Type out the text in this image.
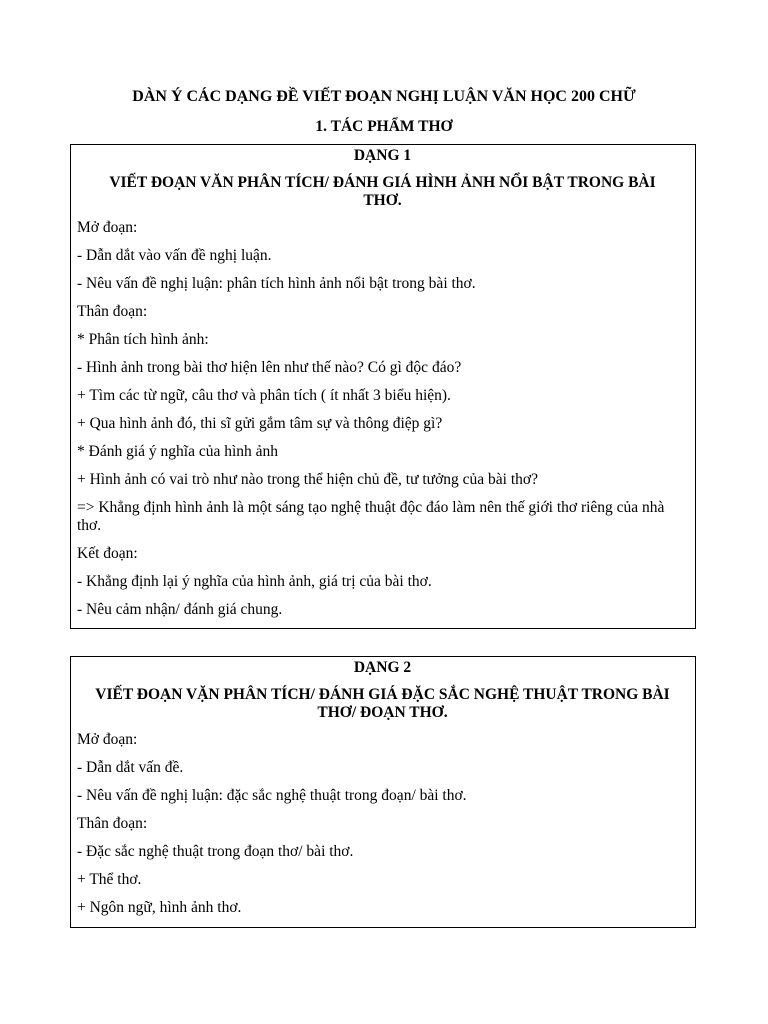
DÀN Ý CÁC DẠNG ĐỀ VIẾT ĐOẠN NGHỊ LUẬN VĂN HỌC 200 CHỮ
1. TÁC PHẨM THƠ
DẠNG 1
VIẾT ĐOẠN VĂN PHÂN TÍCH/ ĐÁNH GIÁ HÌNH ẢNH NỔI BẬT TRONG BÀI THƠ.
Mở đoạn:
- Dẫn dắt vào vấn đề nghị luận.
- Nêu vấn đề nghị luận: phân tích hình ảnh nổi bật trong bài thơ.
Thân đoạn:
* Phân tích hình ảnh:
- Hình ảnh trong bài thơ hiện lên như thế nào? Có gì độc đáo?
+ Tìm các từ ngữ, câu thơ và phân tích ( ít nhất 3 biểu hiện).
+ Qua hình ảnh đó, thi sĩ gửi gắm tâm sự và thông điệp gì?
* Đánh giá ý nghĩa của hình ảnh
+ Hình ảnh có vai trò như nào trong thể hiện chủ đề, tư tưởng của bài thơ?
=> Khẳng định hình ảnh là một sáng tạo nghệ thuật độc đáo làm nên thế giới thơ riêng của nhà thơ.
Kết đoạn:
- Khẳng định lại ý nghĩa của hình ảnh, giá trị của bài thơ.
- Nêu cảm nhận/ đánh giá chung.
DẠNG 2
VIẾT ĐOẠN VẶN PHÂN TÍCH/ ĐÁNH GIÁ ĐẶC SẮC NGHỆ THUẬT TRONG BÀI THƠ/ ĐOẠN THƠ.
Mở đoạn:
- Dẫn dắt vấn đề.
- Nêu vấn đề nghị luận: đặc sắc nghệ thuật trong đoạn/ bài thơ.
Thân đoạn:
- Đặc sắc nghệ thuật trong đoạn thơ/ bài thơ.
+ Thể thơ.
+ Ngôn ngữ, hình ảnh thơ.
